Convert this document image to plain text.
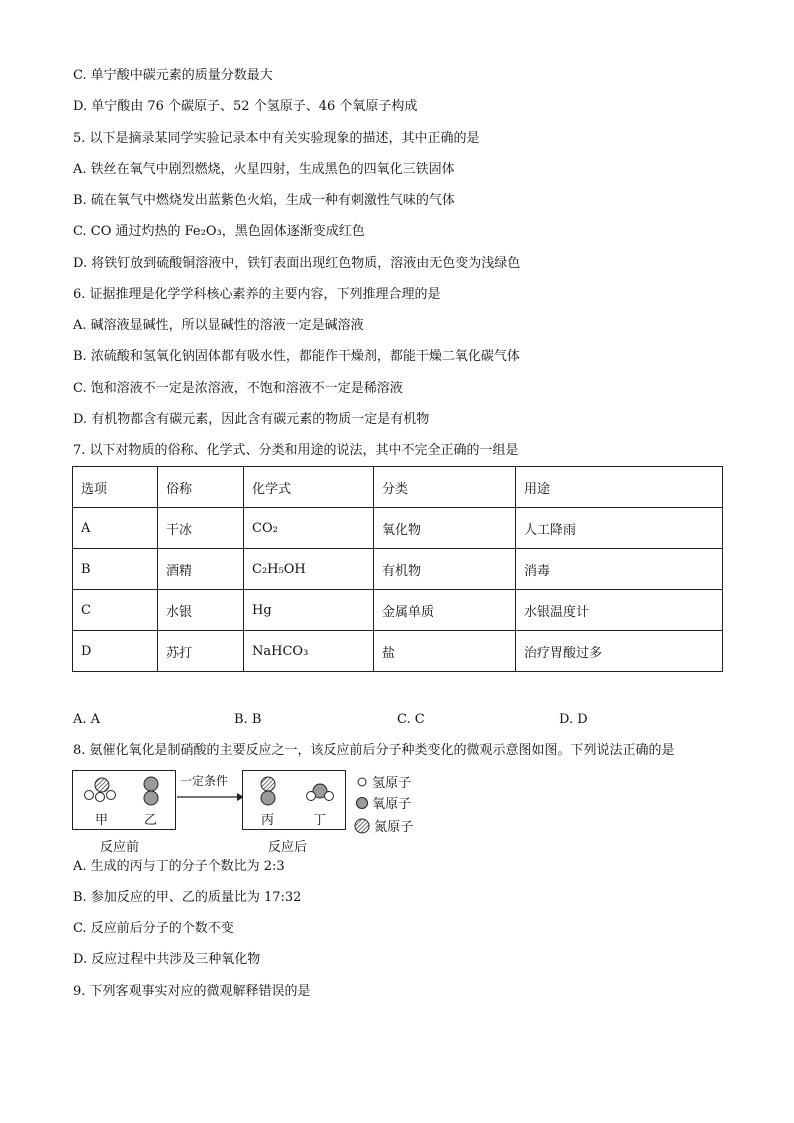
C. 单宁酸中碳元素的质量分数最大
D. 单宁酸由 76 个碳原子、52 个氢原子、46 个氧原子构成
5. 以下是摘录某同学实验记录本中有关实验现象的描述，其中正确的是
A. 铁丝在氧气中剧烈燃烧，火星四射，生成黑色的四氧化三铁固体
B. 硫在氧气中燃烧发出蓝紫色火焰，生成一种有刺激性气味的气体
C. CO 通过灼热的 Fe₂O₃，黑色固体逐渐变成红色
D. 将铁钉放到硫酸铜溶液中，铁钉表面出现红色物质，溶液由无色变为浅绿色
6. 证据推理是化学学科核心素养的主要内容，下列推理合理的是
A. 碱溶液显碱性，所以显碱性的溶液一定是碱溶液
B. 浓硫酸和氢氧化钠固体都有吸水性，都能作干燥剂，都能干燥二氧化碳气体
C. 饱和溶液不一定是浓溶液，不饱和溶液不一定是稀溶液
D. 有机物都含有碳元素，因此含有碳元素的物质一定是有机物
7. 以下对物质的俗称、化学式、分类和用途的说法，其中不完全正确的一组是
选项	俗称	化学式	分类	用途
A	干冰	CO₂	氧化物	人工降雨
B	酒精	C₂H₅OH	有机物	消毒
C	水银	Hg	金属单质	水银温度计
D	苏打	NaHCO₃	盐	治疗胃酸过多
A. A	B. B	C. C	D. D
8. 氨催化氧化是制硝酸的主要反应之一，该反应前后分子种类变化的微观示意图如图。下列说法正确的是
甲	乙
一定条件
丙	丁
反应前	反应后
氢原子
氧原子
氮原子
A. 生成的丙与丁的分子个数比为 2:3
B. 参加反应的甲、乙的质量比为 17:32
C. 反应前后分子的个数不变
D. 反应过程中共涉及三种氧化物
9. 下列客观事实对应的微观解释错误的是
